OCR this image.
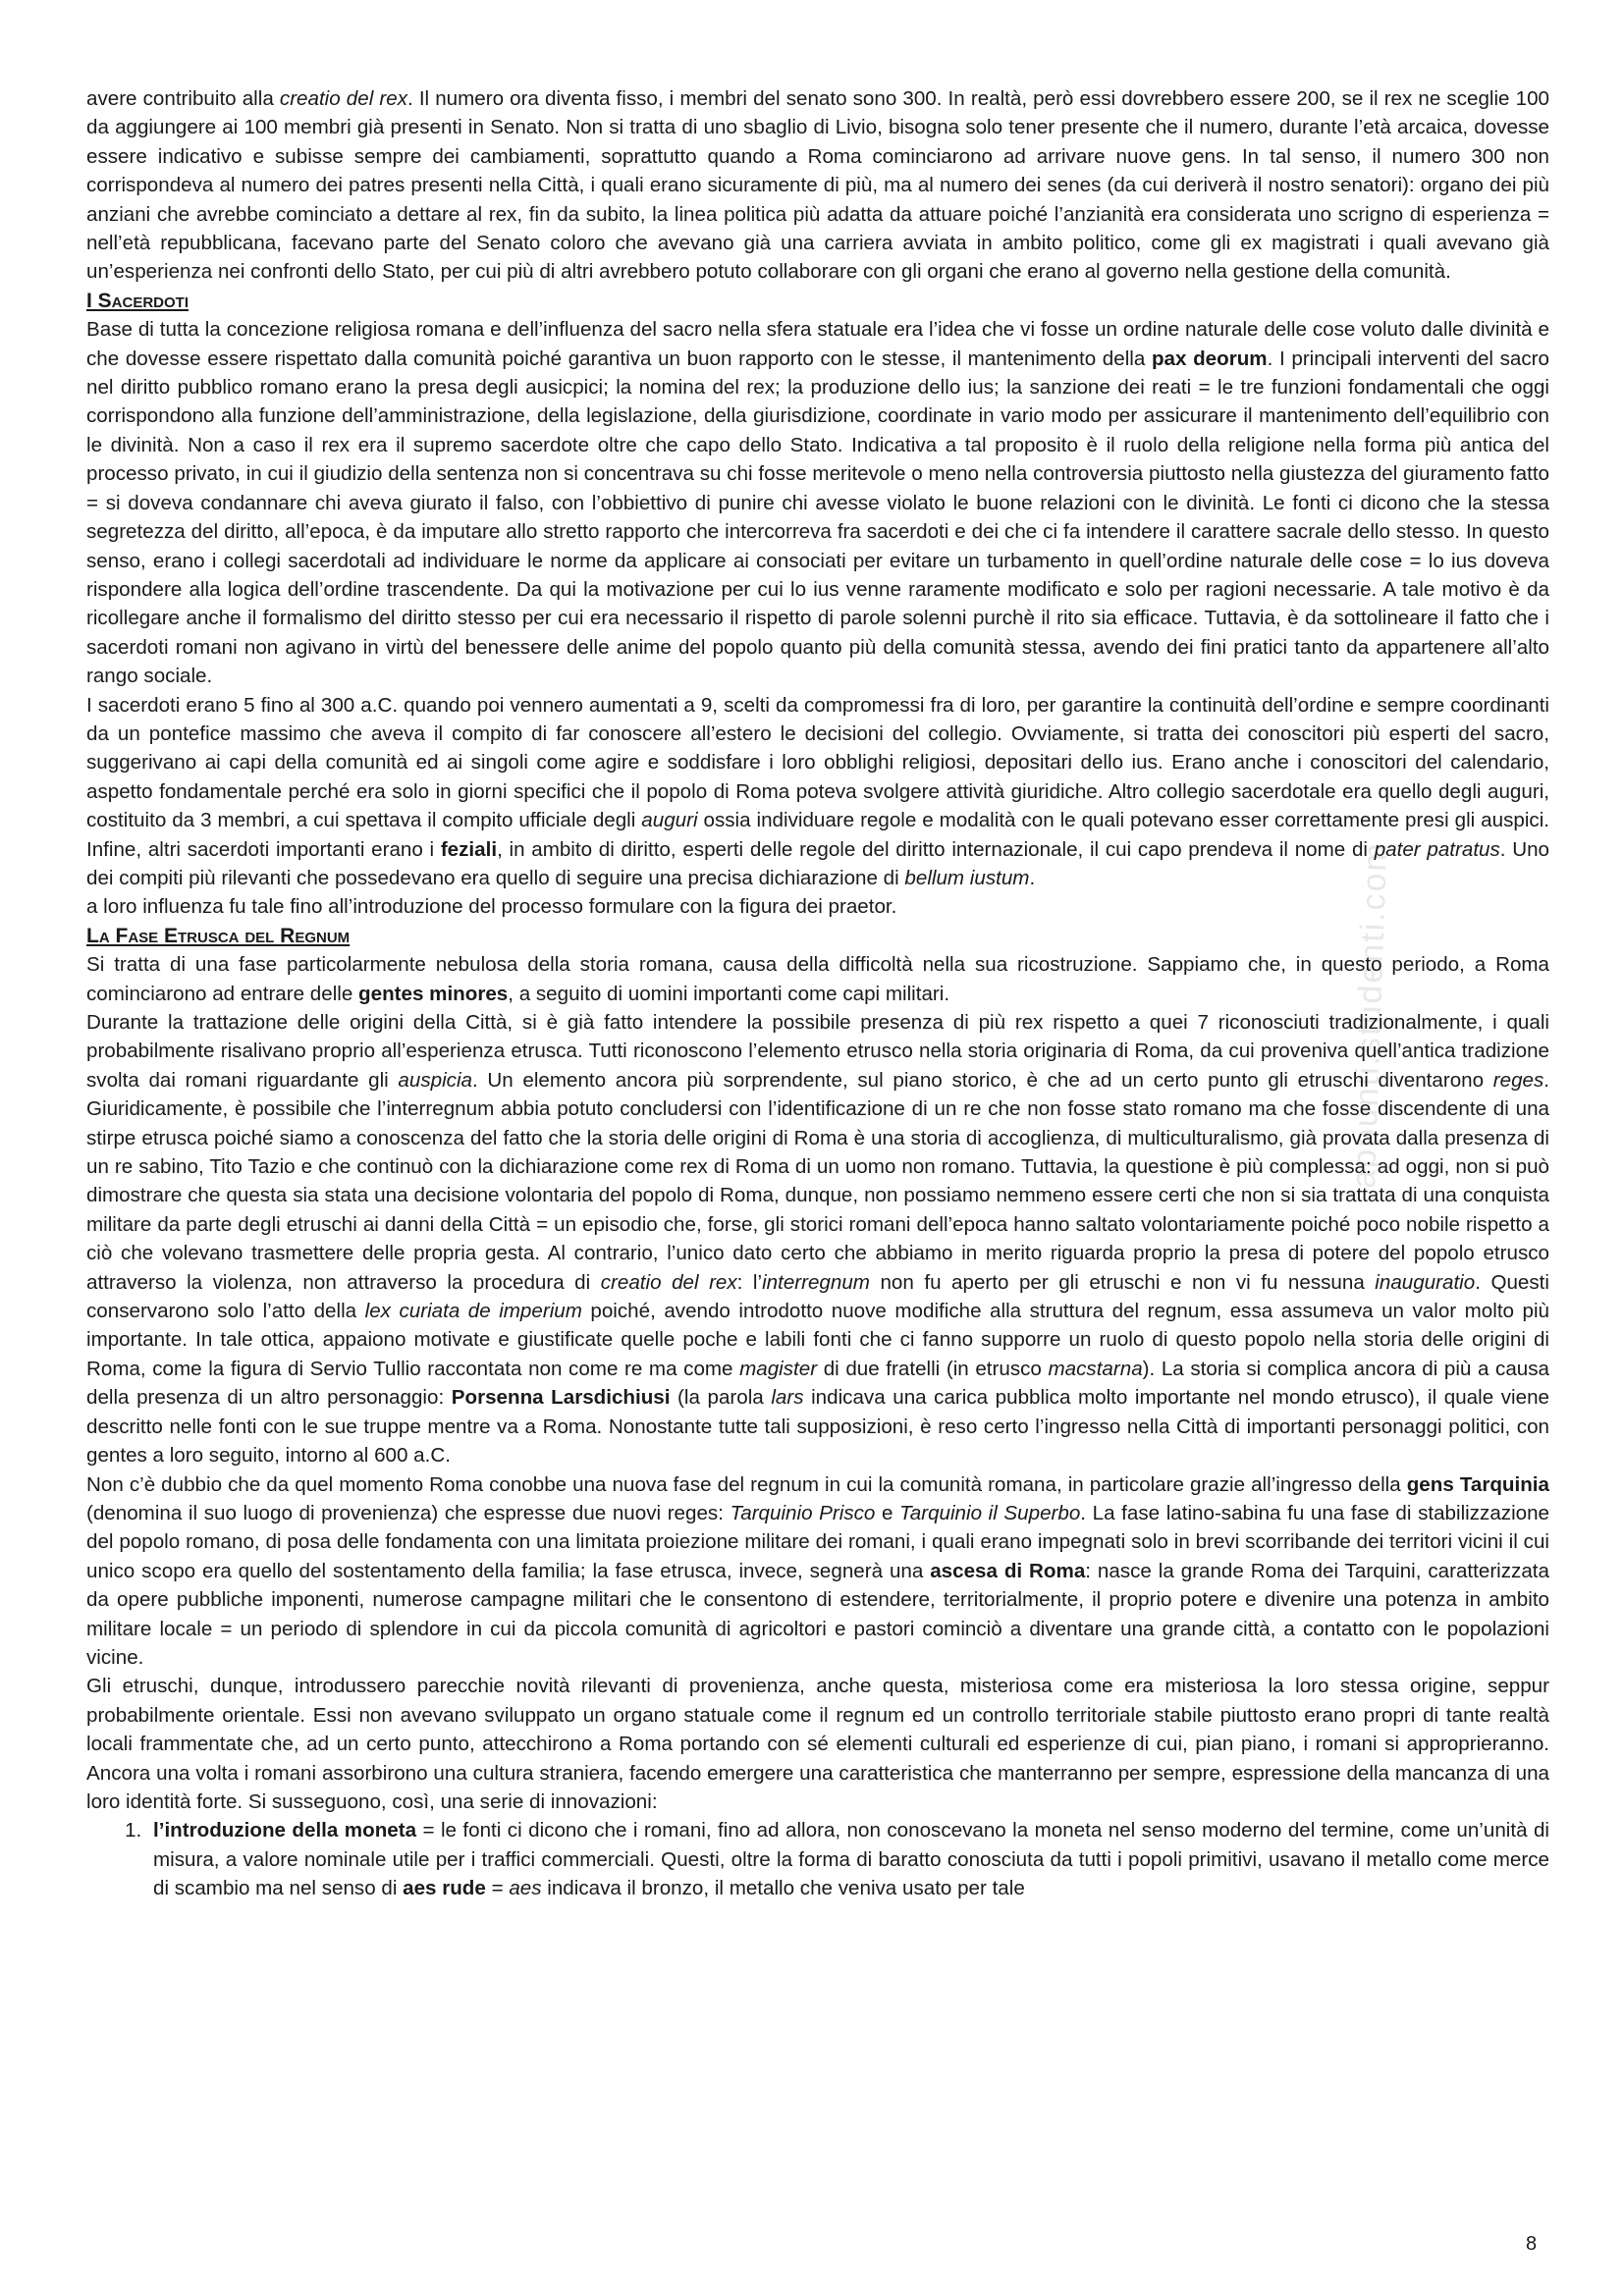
avere contribuito alla creatio del rex. Il numero ora diventa fisso, i membri del senato sono 300. In realtà, però essi dovrebbero essere 200, se il rex ne sceglie 100 da aggiungere ai 100 membri già presenti in Senato. Non si tratta di uno sbaglio di Livio, bisogna solo tener presente che il numero, durante l’età arcaica, dovesse essere indicativo e subisse sempre dei cambiamenti, soprattutto quando a Roma cominciarono ad arrivare nuove gens. In tal senso, il numero 300 non corrispondeva al numero dei patres presenti nella Città, i quali erano sicuramente di più, ma al numero dei senes (da cui deriverà il nostro senatori): organo dei più anziani che avrebbe cominciato a dettare al rex, fin da subito, la linea politica più adatta da attuare poiché l’anzianità era considerata uno scrigno di esperienza = nell’età repubblicana, facevano parte del Senato coloro che avevano già una carriera avviata in ambito politico, come gli ex magistrati i quali avevano già un’esperienza nei confronti dello Stato, per cui più di altri avrebbero potuto collaborare con gli organi che erano al governo nella gestione della comunità.

I Sacerdoti

Base di tutta la concezione religiosa romana e dell’influenza del sacro nella sfera statuale era l’idea che vi fosse un ordine naturale delle cose voluto dalle divinità e che dovesse essere rispettato dalla comunità poiché garantiva un buon rapporto con le stesse, il mantenimento della pax deorum. I principali interventi del sacro nel diritto pubblico romano erano la presa degli ausicpici; la nomina del rex; la produzione dello ius; la sanzione dei reati = le tre funzioni fondamentali che oggi corrispondono alla funzione dell’amministrazione, della legislazione, della giurisdizione, coordinate in vario modo per assicurare il mantenimento dell’equilibrio con le divinità. Non a caso il rex era il supremo sacerdote oltre che capo dello Stato. Indicativa a tal proposito è il ruolo della religione nella forma più antica del processo privato, in cui il giudizio della sentenza non si concentrava su chi fosse meritevole o meno nella controversia piuttosto nella giustezza del giuramento fatto = si doveva condannare chi aveva giurato il falso, con l’obbiettivo di punire chi avesse violato le buone relazioni con le divinità. Le fonti ci dicono che la stessa segretezza del diritto, all’epoca, è da imputare allo stretto rapporto che intercorreva fra sacerdoti e dei che ci fa intendere il carattere sacrale dello stesso. In questo senso, erano i collegi sacerdotali ad individuare le norme da applicare ai consociati per evitare un turbamento in quell’ordine naturale delle cose = lo ius doveva rispondere alla logica dell’ordine trascendente. Da qui la motivazione per cui lo ius venne raramente modificato e solo per ragioni necessarie. A tale motivo è da ricollegare anche il formalismo del diritto stesso per cui era necessario il rispetto di parole solenni purchè il rito sia efficace. Tuttavia, è da sottolineare il fatto che i sacerdoti romani non agivano in virtù del benessere delle anime del popolo quanto più della comunità stessa, avendo dei fini pratici tanto da appartenere all’alto rango sociale.

I sacerdoti erano 5 fino al 300 a.C. quando poi vennero aumentati a 9, scelti da compromessi fra di loro, per garantire la continuità dell’ordine e sempre coordinanti da un pontefice massimo che aveva il compito di far conoscere all’estero le decisioni del collegio. Ovviamente, si tratta dei conoscitori più esperti del sacro, suggerivano ai capi della comunità ed ai singoli come agire e soddisfare i loro obblighi religiosi, depositari dello ius. Erano anche i conoscitori del calendario, aspetto fondamentale perché era solo in giorni specifici che il popolo di Roma poteva svolgere attività giuridiche. Altro collegio sacerdotale era quello degli auguri, costituito da 3 membri, a cui spettava il compito ufficiale degli auguri ossia individuare regole e modalità con le quali potevano esser correttamente presi gli auspici. Infine, altri sacerdoti importanti erano i feziali, in ambito di diritto, esperti delle regole del diritto internazionale, il cui capo prendeva il nome di pater patratus. Uno dei compiti più rilevanti che possedevano era quello di seguire una precisa dichiarazione di bellum iustum.

a loro influenza fu tale fino all’introduzione del processo formulare con la figura dei praetor.

La Fase Etrusca del Regnum

Si tratta di una fase particolarmente nebulosa della storia romana, causa della difficoltà nella sua ricostruzione. Sappiamo che, in questo periodo, a Roma cominciarono ad entrare delle gentes minores, a seguito di uomini importanti come capi militari.

Durante la trattazione delle origini della Città, si è già fatto intendere la possibile presenza di più rex rispetto a quei 7 riconosciuti tradizionalmente, i quali probabilmente risalivano proprio all’esperienza etrusca. Tutti riconoscono l’elemento etrusco nella storia originaria di Roma, da cui proveniva quell’antica tradizione svolta dai romani riguardante gli auspicia. Un elemento ancora più sorprendente, sul piano storico, è che ad un certo punto gli etruschi diventarono reges. Giuridicamente, è possibile che l’interregnum abbia potuto concludersi con l’identificazione di un re che non fosse stato romano ma che fosse discendente di una stirpe etrusca poiché siamo a conoscenza del fatto che la storia delle origini di Roma è una storia di accoglienza, di multiculturalismo, già provata dalla presenza di un re sabino, Tito Tazio e che continuò con la dichiarazione come rex di Roma di un uomo non romano. Tuttavia, la questione è più complessa: ad oggi, non si può dimostrare che questa sia stata una decisione volontaria del popolo di Roma, dunque, non possiamo nemmeno essere certi che non si sia trattata di una conquista militare da parte degli etruschi ai danni della Città = un episodio che, forse, gli storici romani dell’epoca hanno saltato volontariamente poiché poco nobile rispetto a ciò che volevano trasmettere delle propria gesta. Al contrario, l’unico dato certo che abbiamo in merito riguarda proprio la presa di potere del popolo etrusco attraverso la violenza, non attraverso la procedura di creatio del rex: l’interregnum non fu aperto per gli etruschi e non vi fu nessuna inauguratio. Questi conservarono solo l’atto della lex curiata de imperium poiché, avendo introdotto nuove modifiche alla struttura del regnum, essa assumeva un valor molto più importante. In tale ottica, appaiono motivate e giustificate quelle poche e labili fonti che ci fanno supporre un ruolo di questo popolo nella storia delle origini di Roma, come la figura di Servio Tullio raccontata non come re ma come magister di due fratelli (in etrusco macstarna). La storia si complica ancora di più a causa della presenza di un altro personaggio: Porsenna Larsdichiusi (la parola lars indicava una carica pubblica molto importante nel mondo etrusco), il quale viene descritto nelle fonti con le sue truppe mentre va a Roma. Nonostante tutte tali supposizioni, è reso certo l’ingresso nella Città di importanti personaggi politici, con gentes a loro seguito, intorno al 600 a.C.

Non c’è dubbio che da quel momento Roma conobbe una nuova fase del regnum in cui la comunità romana, in particolare grazie all’ingresso della gens Tarquinia (denomina il suo luogo di provenienza) che espresse due nuovi reges: Tarquinio Prisco e Tarquinio il Superbo. La fase latino-sabina fu una fase di stabilizzazione del popolo romano, di posa delle fondamenta con una limitata proiezione militare dei romani, i quali erano impegnati solo in brevi scorribande dei territori vicini il cui unico scopo era quello del sostentamento della familia; la fase etrusca, invece, segnerà una ascesa di Roma: nasce la grande Roma dei Tarquini, caratterizzata da opere pubbliche imponenti, numerose campagne militari che le consentono di estendere, territorialmente, il proprio potere e divenire una potenza in ambito militare locale = un periodo di splendore in cui da piccola comunità di agricoltori e pastori cominciò a diventare una grande città, a contatto con le popolazioni vicine.

Gli etruschi, dunque, introdussero parecchie novità rilevanti di provenienza, anche questa, misteriosa come era misteriosa la loro stessa origine, seppur probabilmente orientale. Essi non avevano sviluppato un organo statuale come il regnum ed un controllo territoriale stabile piuttosto erano propri di tante realtà locali frammentate che, ad un certo punto, attecchirono a Roma portando con sé elementi culturali ed esperienze di cui, pian piano, i romani si approprieranno. Ancora una volta i romani assorbirono una cultura straniera, facendo emergere una caratteristica che manterranno per sempre, espressione della mancanza di una loro identità forte. Si susseguono, così, una serie di innovazioni:

1. l’introduzione della moneta = le fonti ci dicono che i romani, fino ad allora, non conoscevano la moneta nel senso moderno del termine, come un’unità di misura, a valore nominale utile per i traffici commerciali. Questi, oltre la forma di baratto conosciuta da tutti i popoli primitivi, usavano il metallo come merce di scambio ma nel senso di aes rude = aes indicava il bronzo, il metallo che veniva usato per tale
appunti.studenti.com
8
